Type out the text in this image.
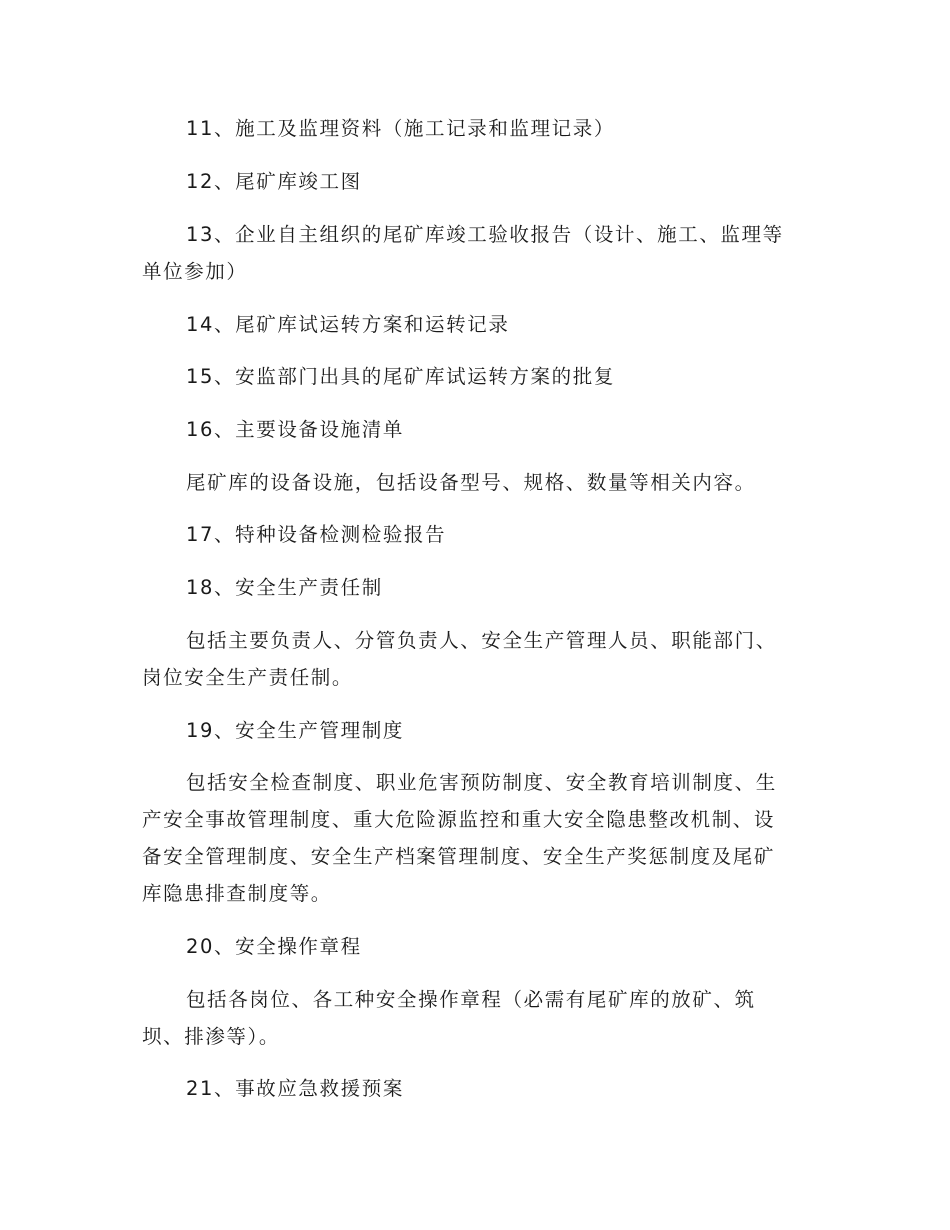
11、施工及监理资料（施工记录和监理记录）

12、尾矿库竣工图

13、企业自主组织的尾矿库竣工验收报告（设计、施工、监理等

单位参加）

14、尾矿库试运转方案和运转记录

15、安监部门出具的尾矿库试运转方案的批复

16、主要设备设施清单

尾矿库的设备设施，包括设备型号、规格、数量等相关内容。

17、特种设备检测检验报告

18、安全生产责任制

包括主要负责人、分管负责人、安全生产管理人员、职能部门、

岗位安全生产责任制。

19、安全生产管理制度

包括安全检查制度、职业危害预防制度、安全教育培训制度、生

产安全事故管理制度、重大危险源监控和重大安全隐患整改机制、设

备安全管理制度、安全生产档案管理制度、安全生产奖惩制度及尾矿

库隐患排查制度等。

20、安全操作章程

包括各岗位、各工种安全操作章程（必需有尾矿库的放矿、筑

坝、排渗等）。

21、事故应急救援预案
